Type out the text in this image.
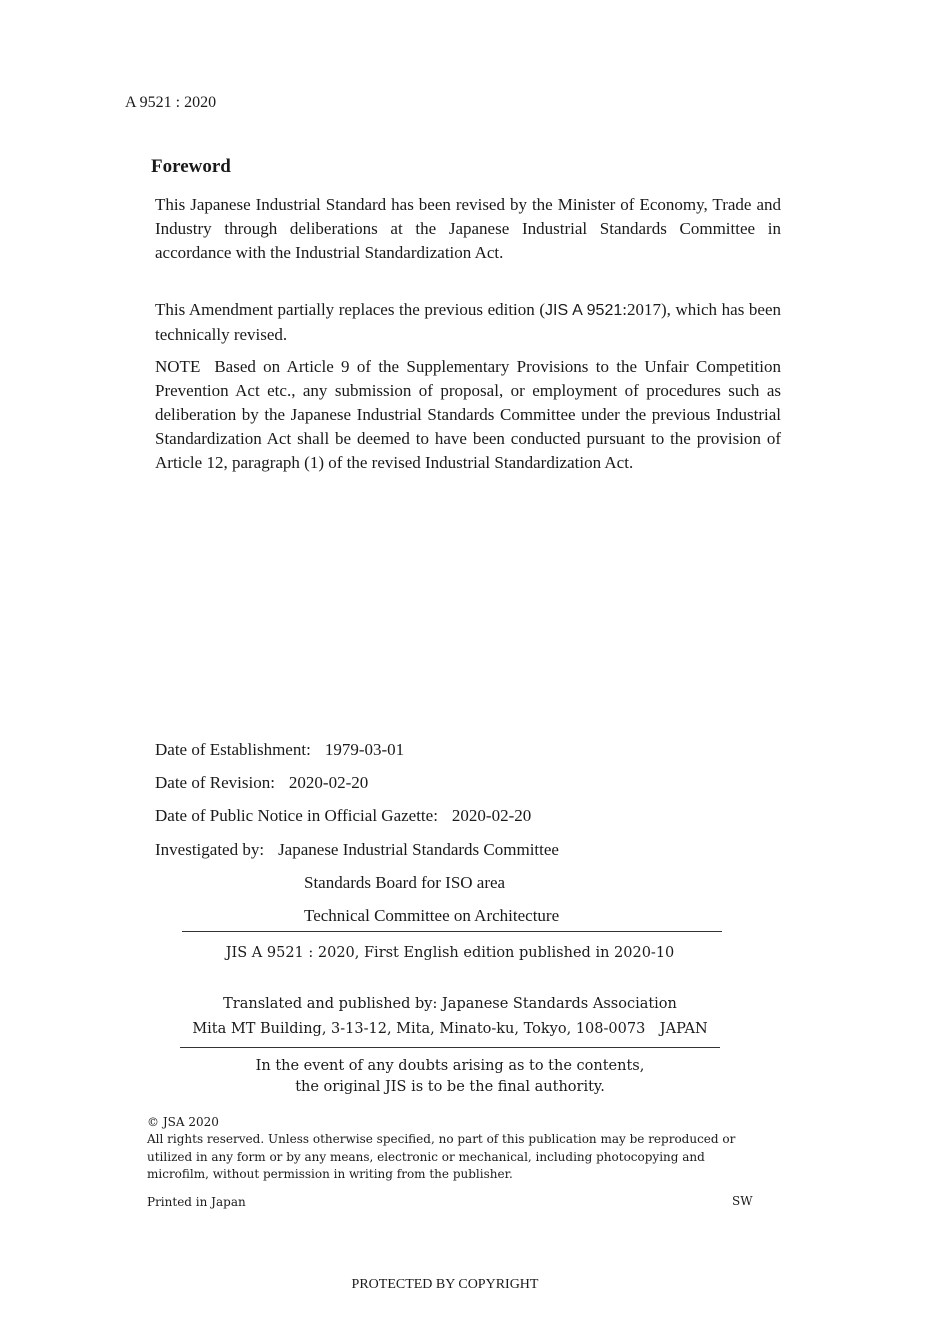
A 9521 : 2020
Foreword

This Japanese Industrial Standard has been revised by the Minister of Economy, Trade and Industry through deliberations at the Japanese Industrial Standards Committee in accordance with the Industrial Standardization Act.

This Amendment partially replaces the previous edition (JIS A 9521:2017), which has been technically revised.

NOTE Based on Article 9 of the Supplementary Provisions to the Unfair Competition Prevention Act etc., any submission of proposal, or employment of procedures such as deliberation by the Japanese Industrial Standards Committee under the previous Industrial Standardization Act shall be deemed to have been conducted pursuant to the provision of Article 12, paragraph (1) of the revised Industrial Standardization Act.

Date of Establishment: 1979-03-01
Date of Revision: 2020-02-20
Date of Public Notice in Official Gazette: 2020-02-20
Investigated by: Japanese Industrial Standards Committee
Standards Board for ISO area
Technical Committee on Architecture
JIS A 9521 : 2020, First English edition published in 2020-10
Translated and published by: Japanese Standards Association
Mita MT Building, 3-13-12, Mita, Minato-ku, Tokyo, 108-0073　JAPAN
In the event of any doubts arising as to the contents,
the original JIS is to be the final authority.
© JSA 2020
All rights reserved. Unless otherwise specified, no part of this publication may be reproduced or utilized in any form or by any means, electronic or mechanical, including photocopying and microfilm, without permission in writing from the publisher.
Printed in Japan	SW
PROTECTED BY COPYRIGHT
